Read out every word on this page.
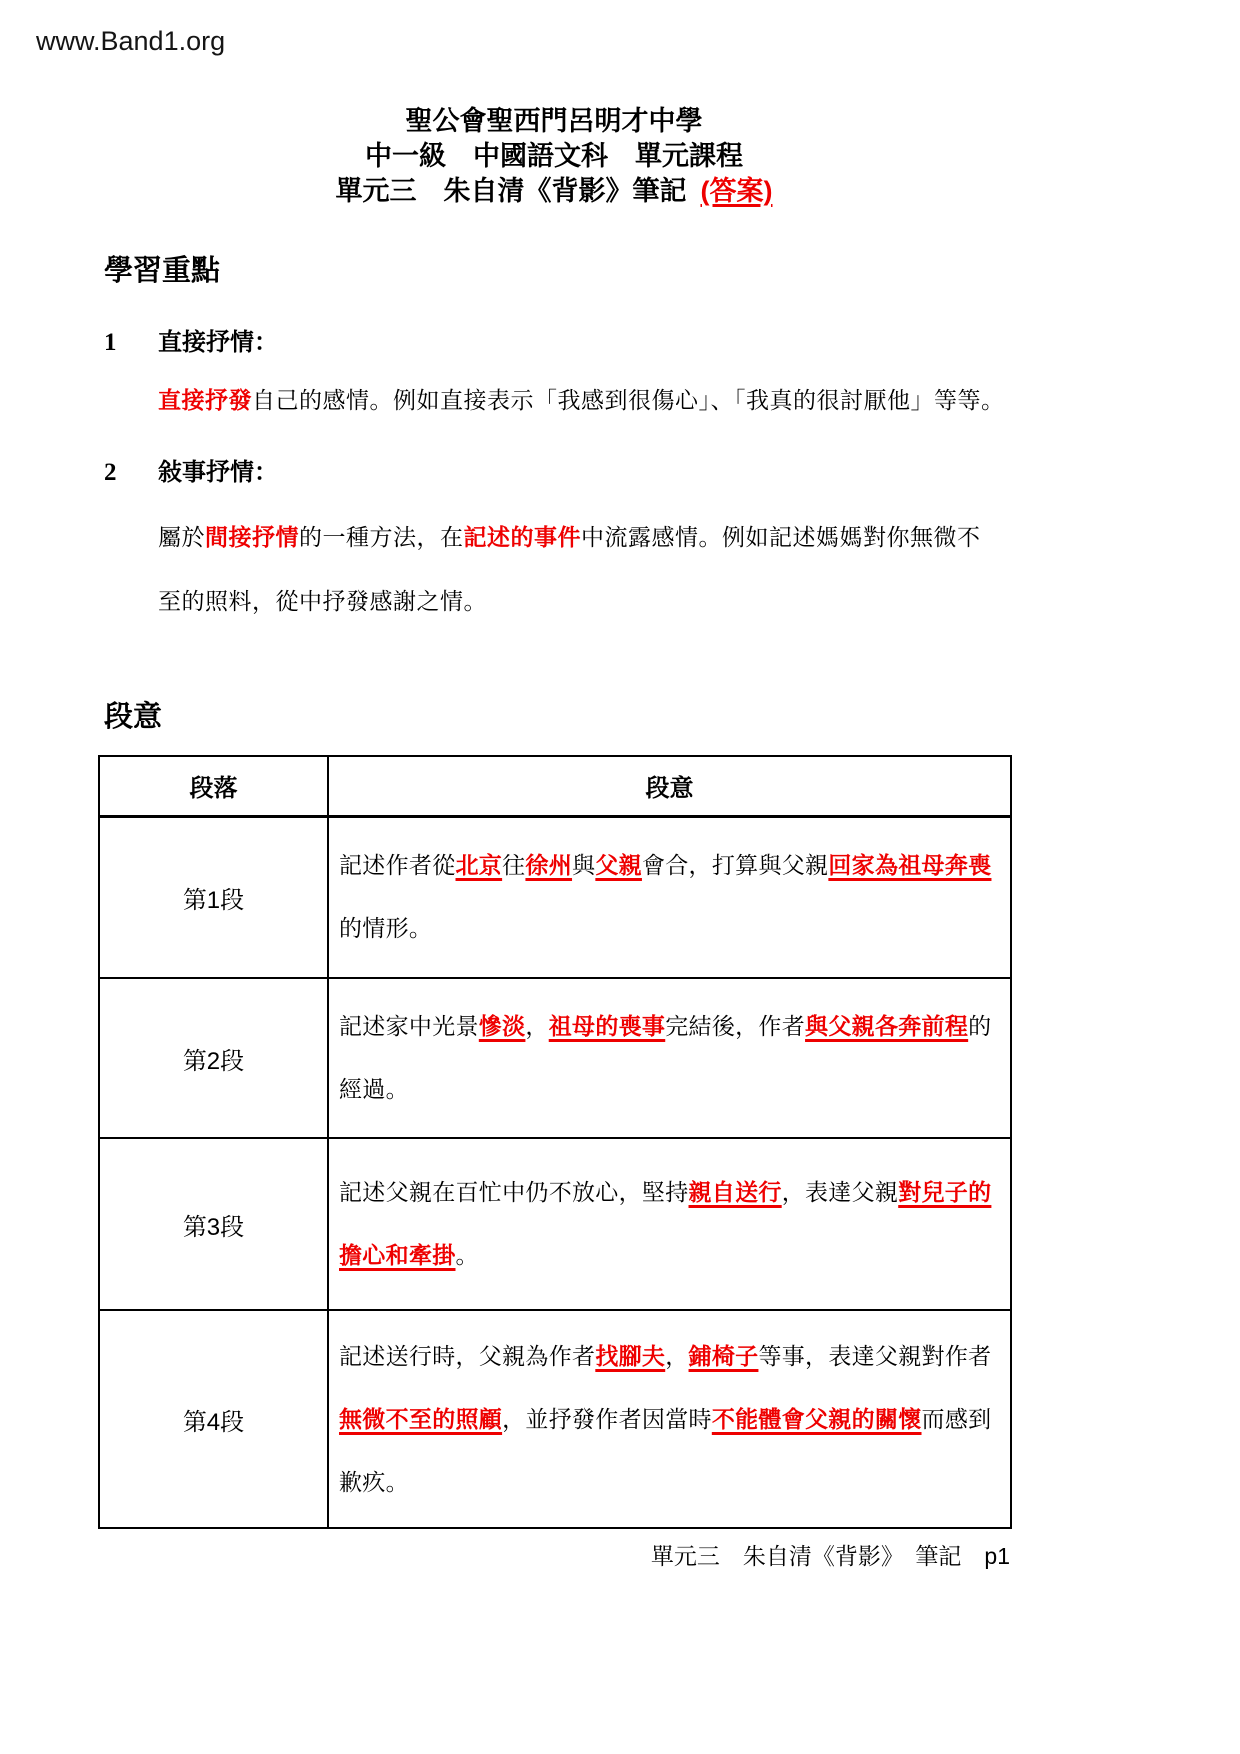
www.Band1.org
聖公會聖西門呂明才中學
中一級　中國語文科　單元課程
單元三　朱自清《背影》筆記 (答案)
學習重點
1 直接抒情：

直接抒發自己的感情。例如直接表示「我感到很傷心」、「我真的很討厭他」等等。

2 敍事抒情：

屬於間接抒情的一種方法，在記述的事件中流露感情。例如記述媽媽對你無微不至的照料，從中抒發感謝之情。

段意
段落	段意
第1段	記述作者從北京往徐州與父親會合，打算與父親回家為祖母奔喪的情形。
第2段	記述家中光景慘淡，祖母的喪事完結後，作者與父親各奔前程的經過。
第3段	記述父親在百忙中仍不放心，堅持親自送行，表達父親對兒子的擔心和牽掛。
第4段	記述送行時，父親為作者找腳夫，鋪椅子等事，表達父親對作者無微不至的照顧，並抒發作者因當時不能體會父親的關懷而感到歉疚。
單元三　朱自清《背影》　筆記　p1
